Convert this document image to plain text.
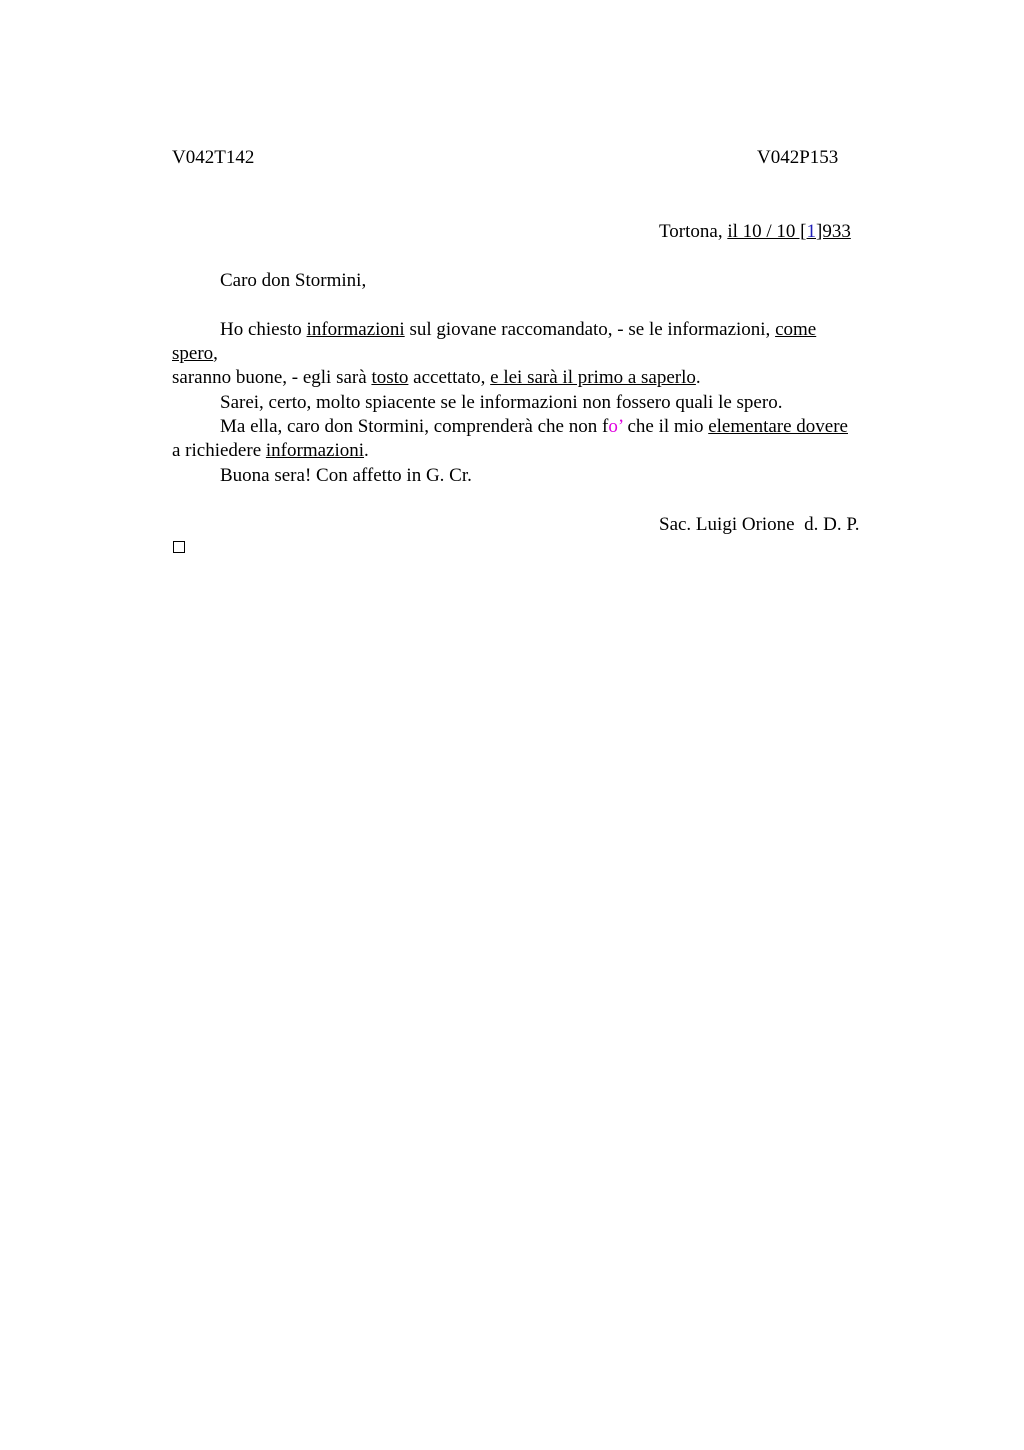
V042T142	V042P153
Tortona, il 10 / 10 [1]933
Caro don Stormini,
Ho chiesto informazioni sul giovane raccomandato, - se le informazioni, come
spero,
saranno buone, - egli sarà tosto accettato, e lei sarà il primo a saperlo.
Sarei, certo, molto spiacente se le informazioni non fossero quali le spero.
Ma ella, caro don Stormini, comprenderà che non fo’ che il mio elementare dovere
a richiedere informazioni.
Buona sera! Con affetto in G. Cr.
Sac. Luigi Orione  d. D. P.
